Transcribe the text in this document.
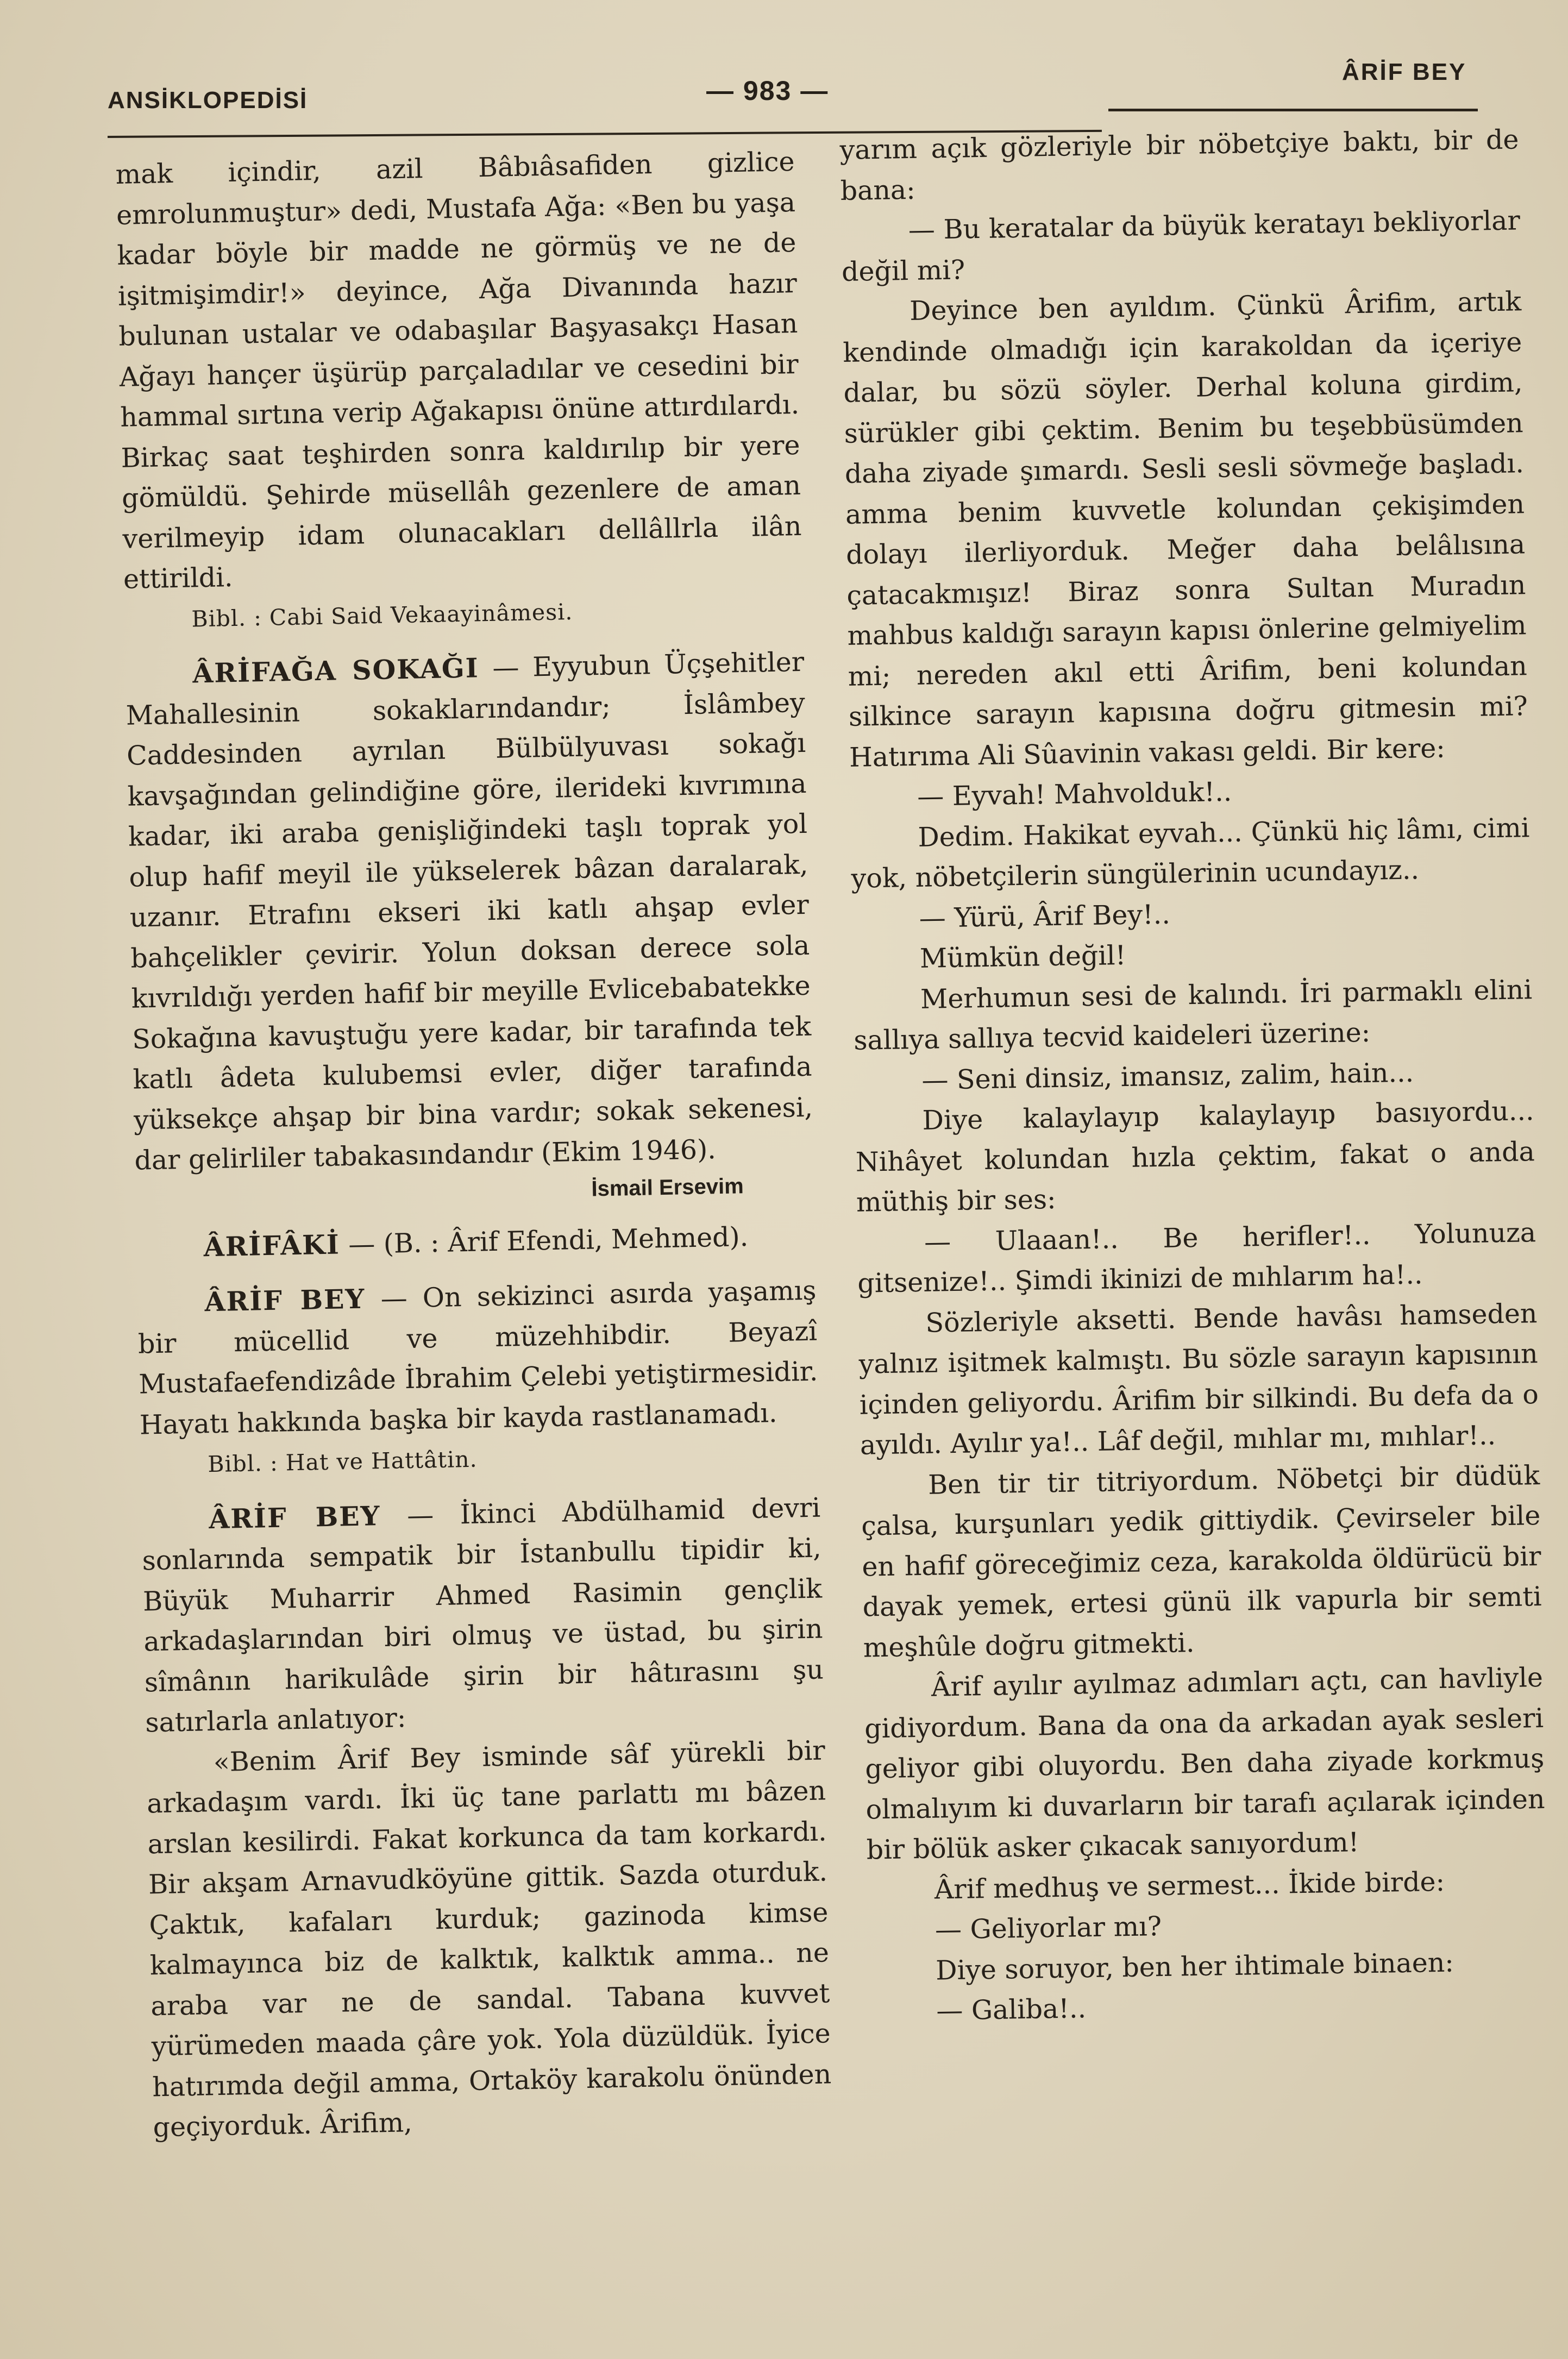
ANSİKLOPEDİSİ	— 983 —
ÂRİF BEY

mak içindir, azil Bâbıâsafiden gizlice emrolunmuştur» dedi, Mustafa Ağa: «Ben bu yaşa kadar böyle bir madde ne görmüş ve ne de işitmişimdir!» deyince, Ağa Divanında hazır bulunan ustalar ve odabaşılar Başyasakçı Hasan Ağayı hançer üşürüp parçaladılar ve cesedini bir hammal sırtına verip Ağakapısı önüne attırdılardı. Birkaç saat teşhirden sonra kaldırılıp bir yere gömüldü. Şehirde müsellâh gezenlere de aman verilmeyip idam olunacakları dellâllrla ilân ettirildi.

Bibl. : Cabi Said Vekaayinâmesi.

ÂRİFAĞA SOKAĞI — Eyyubun Üçşehitler Mahallesinin sokaklarındandır; İslâmbey Caddesinden ayrılan Bülbülyuvası sokağı kavşağından gelindiğine göre, ilerideki kıvrımına kadar, iki araba genişliğindeki taşlı toprak yol olup hafif meyil ile yükselerek bâzan daralarak, uzanır. Etrafını ekseri iki katlı ahşap evler bahçelikler çevirir. Yolun doksan derece sola kıvrıldığı yerden hafif bir meyille Evlicebabatekke Sokağına kavuştuğu yere kadar, bir tarafında tek katlı âdeta kulubemsi evler, diğer tarafında yüksekçe ahşap bir bina vardır; sokak sekenesi, dar gelirliler tabakasındandır (Ekim 1946).

İsmail Ersevim

ÂRİFÂKİ — (B. : Ârif Efendi, Mehmed).

ÂRİF BEY — On sekizinci asırda yaşamış bir mücellid ve müzehhibdir. Beyazî Mustafaefendizâde İbrahim Çelebi yetiştirmesidir. Hayatı hakkında başka bir kayda rastlanamadı.

Bibl. : Hat ve Hattâtin.

ÂRİF BEY — İkinci Abdülhamid devri sonlarında sempatik bir İstanbullu tipidir ki, Büyük Muharrir Ahmed Rasimin gençlik arkadaşlarından biri olmuş ve üstad, bu şirin sîmânın harikulâde şirin bir hâtırasını şu satırlarla anlatıyor:

«Benim Ârif Bey isminde sâf yürekli bir arkadaşım vardı. İki üç tane parlattı mı bâzen arslan kesilirdi. Fakat korkunca da tam korkardı. Bir akşam Arnavudköyüne gittik. Sazda oturduk. Çaktık, kafaları kurduk; gazinoda kimse kalmayınca biz de kalktık, kalktık amma.. ne araba var ne de sandal. Tabana kuvvet yürümeden maada çâre yok. Yola düzüldük. İyice hatırımda değil amma, Ortaköy karakolu önünden geçiyorduk. Ârifim,

yarım açık gözleriyle bir nöbetçiye baktı, bir de bana:

— Bu keratalar da büyük keratayı bekliyorlar değil mi?

Deyince ben ayıldım. Çünkü Ârifim, artık kendinde olmadığı için karakoldan da içeriye dalar, bu sözü söyler. Derhal koluna girdim, sürükler gibi çektim. Benim bu teşebbüsümden daha ziyade şımardı. Sesli sesli sövmeğe başladı. amma benim kuvvetle kolundan çekişimden dolayı ilerliyorduk. Meğer daha belâlısına çatacakmışız! Biraz sonra Sultan Muradın mahbus kaldığı sarayın kapısı önlerine gelmiyelim mi; nereden akıl etti Ârifim, beni kolundan silkince sarayın kapısına doğru gitmesin mi? Hatırıma Ali Sûavinin vakası geldi. Bir kere:

— Eyvah! Mahvolduk!..

Dedim. Hakikat eyvah... Çünkü hiç lâmı, cimi yok, nöbetçilerin süngülerinin ucundayız..

— Yürü, Ârif Bey!..

Mümkün değil!

Merhumun sesi de kalındı. İri parmaklı elini sallıya sallıya tecvid kaideleri üzerine:

— Seni dinsiz, imansız, zalim, hain...

Diye kalaylayıp kalaylayıp basıyordu... Nihâyet kolundan hızla çektim, fakat o anda müthiş bir ses:

— Ulaaan!.. Be herifler!.. Yolunuza gitsenize!.. Şimdi ikinizi de mıhlarım ha!..

Sözleriyle aksetti. Bende havâsı hamseden yalnız işitmek kalmıştı. Bu sözle sarayın kapısının içinden geliyordu. Ârifim bir silkindi. Bu defa da o ayıldı. Ayılır ya!.. Lâf değil, mıhlar mı, mıhlar!..

Ben tir tir titriyordum. Nöbetçi bir düdük çalsa, kurşunları yedik gittiydik. Çevirseler bile en hafif göreceğimiz ceza, karakolda öldürücü bir dayak yemek, ertesi günü ilk vapurla bir semti meşhûle doğru gitmekti.

Ârif ayılır ayılmaz adımları açtı, can havliyle gidiyordum. Bana da ona da arkadan ayak sesleri geliyor gibi oluyordu. Ben daha ziyade korkmuş olmalıyım ki duvarların bir tarafı açılarak içinden bir bölük asker çıkacak sanıyordum!

Ârif medhuş ve sermest... İkide birde:

— Geliyorlar mı?

Diye soruyor, ben her ihtimale binaen:

— Galiba!..
